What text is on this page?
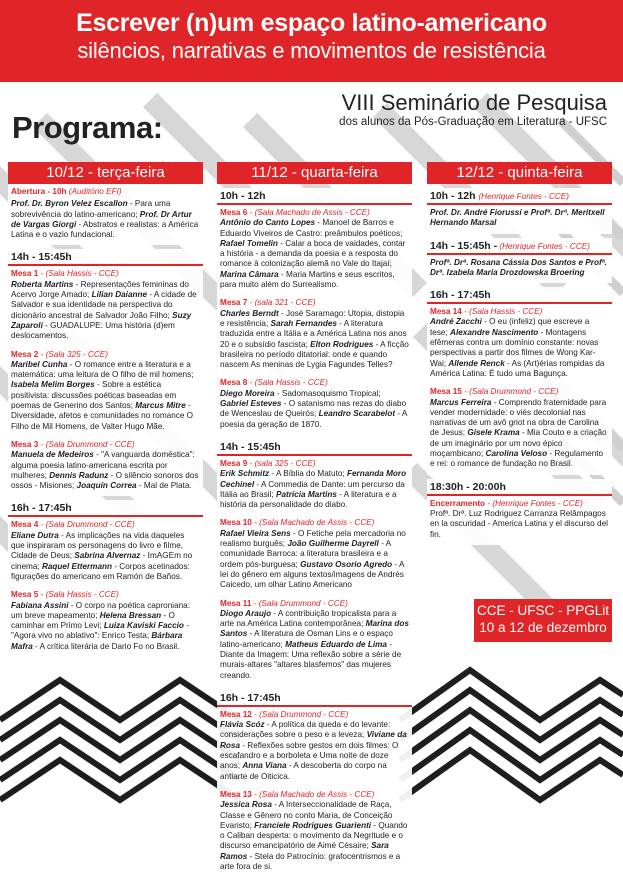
Escrever (n)um espaço latino-americano
silêncios, narrativas e movimentos de resistência
Programa:
VIII Seminário de Pesquisa
dos alunos da Pós-Graduação em Literatura - UFSC
10/12 - terça-feira
Abertura - 10h (Auditório EFI)
Prof. Dr. Byron Velez Escallon - Para uma sobrevivência do latino-americano; Prof. Dr Artur de Vargas Giorgi - Abstratos e realistas: a América Latina e o vazio fundacional.
14h - 15:45h
Mesa 1 - (Sala Hassis - CCE)
Roberta Martins - Representações femininas do Acervo Jorge Amado; Lilian Daianne - A cidade de Salvador e sua identidade na perspectiva do dicionário ancestral de Salvador João Filho; Suzy Zaparoli - GUADALUPE: Uma história (d)em deslocamentos.
Mesa 2 - (Sala 325 - CCE)
Maribel Cunha - O romance entre a literatura e a matemática: uma leitura de O filho de mil homens; Isabela Melim Borges - Sobre a estética positivista: discussões poéticas baseadas em poemas de Generino dos Santos; Marcus Mitre - Diversidade, afetos e comunidades no romance O Filho de Mil Homens, de Valter Hugo Mãe.
Mesa 3 - (Sala Drummond - CCE)
Manuela de Medeiros - "A vanguarda doméstica": alguma poesia latino-americana escrita por mulheres; Dennis Radunz - O silêncio sonoros dos ossos - Misiones; Joaquín Correa - Mal de Plata.
16h - 17:45h
Mesa 4 - (Sala Drummond - CCE)
Eliane Dutra - As implicações na vida daqueles que inspiraram os personagens do livro e filme, Cidade de Deus; Sabrina Alvernaz - ImAGEm no cinema; Raquel Ettermann - Corpos acetinados: figurações do americano em Ramón de Baños.
Mesa 5 - (Sala Hassis - CCE)
Fabiana Assini - O corpo na poética caproniana: um breve mapeamento; Helena Bressan - O caminhar em Primo Levi; Luiza Kaviski Faccio - "Agora vivo no ablativo": Enrico Testa; Bárbara Mafra - A crítica literária de Dario Fo no Brasil.
11/12 - quarta-feira
10h - 12h
Mesa 6 - (Sala Machado de Assis - CCE)
Antônio do Canto Lopes - Manoel de Barros e Eduardo Viveiros de Castro: preâmbulos poéticos; Rafael Tomelin - Calar a boca de vaidades, contar a história - a demanda da poesia e a resposta do romance à colonização alemã no Vale do Itajaí; Marina Câmara - Maria Martins e seus escritos, para muito além do Surrealismo.
Mesa 7 - (sala 321 - CCE)
Charles Berndt - José Saramago: Utopia, distopia e resistência; Sarah Fernandes - A literatura traduzida entre a Itália e a América Latina nos anos 20 e o subsídio fascista; Elton Rodrigues - A ficção brasileira no período ditatorial: onde e quando nascem As meninas de Lygia Fagundes Telles?
Mesa 8 - (Sala Hassis - CCE)
Diego Moreira - Sadomasoquismo Tropical; Gabriel Esteves - O satanismo nas rezas do diabo de Wenceslau de Queirós; Leandro Scarabelot - A poesia da geração de 1870.
14h - 15:45h
Mesa 9 - (sala 325 - CCE)
Erik Schmitz - A Bíblia do Matuto; Fernanda Moro Cechinel - A Commedia de Dante: um percurso da Itália ao Brasil; Patrícia Martins - A literatura e a história da personalidade do diabo.
Mesa 10 - (Sala Machado de Assis - CCE)
Rafael Vieira Sens - O Fetiche pela mercadoria no realismo burguês; João Guilherme Dayrell - A comunidade Barroca: a literatura brasileira e a ordem pós-burguesa; Gustavo Osorio Agredo - A lei do gênero em alguns textos/imagens de Andrés Caicedo, um olhar Latino Americano
Mesa 11 - (Sala Drummond - CCE)
Diogo Araujo - A contribuição tropicalista para a arte na América Latina contemporânea; Marina dos Santos - A literatura de Osman Lins e o espaço latino-americano; Matheus Eduardo de Lima - Diante da Imagem: Uma reflexão sobre a série de murais-altares "altares blasfemos" das mujeres creando.
16h - 17:45h
Mesa 12 - (Sala Drummond - CCE)
Flávia Scóz - A política da queda e do levante: considerações sobre o peso e a leveza; Viviane da Rosa - Reflexões sobre gestos em dois filmes: O escafandro e a borboleta e Uma noite de doze anos; Anna Viana - A descoberta do corpo na antiarte de Oiticica.
Mesa 13 - (Sala Machado de Assis - CCE)
Jessica Rosa - A Interseccionalidade de Raça, Classe e Gênero no conto Maria, de Conceição Evaristo; Franciele Rodrigues Guarienti - Quando o Caliban desperta: o movimento da Negritude e o discurso emancipatório de Aimé Césaire; Sara Ramos - Stela do Patrocínio: grafocentrismos e a arte fora de si.
12/12 - quinta-feira
10h - 12h (Henrique Fontes - CCE)
Prof. Dr. André Fiorussi e Profª. Drª. Meritxell Hernando Marsal
14h - 15:45h - (Henrique Fontes - CCE)
Profª. Drª. Rosana Cássia Dos Santos e Profª. Drª. Izabela Maria Drozdowska Broering
16h - 17:45h
Mesa 14 - (Sala Hassis - CCE)
André Zacchi - O eu (infeliz) que escreve a tese; Alexandre Nascimento - Montagens efêmeras contra um domínio constante: novas perspectivas a partir dos filmes de Wong Kar-Wai; Allende Renck - As (Art)érias rompidas da América Latina: É tudo uma Bagunça.
Mesa 15 - (Sala Drummond - CCE)
Marcus Ferreira - Comprendo fraternidade para vender modernidade: o viés decolonial nas narrativas de um avô griot na obra de Carolina de Jesus; Gisele Krama - Mia Couto e a criação de um imaginário por um novo épico moçambicano; Carolina Veloso - Regulamento e rei: o romance de fundação no Brasil.
18:30h - 20:00h
Encerramento - (Henrique Fontes - CCE)
Profª. Drª. Luz Rodriguez Carranza Relâmpagos en la oscuridad - America Latina y el discurso del fin.
CCE - UFSC - PPGLit
10 a 12 de dezembro
